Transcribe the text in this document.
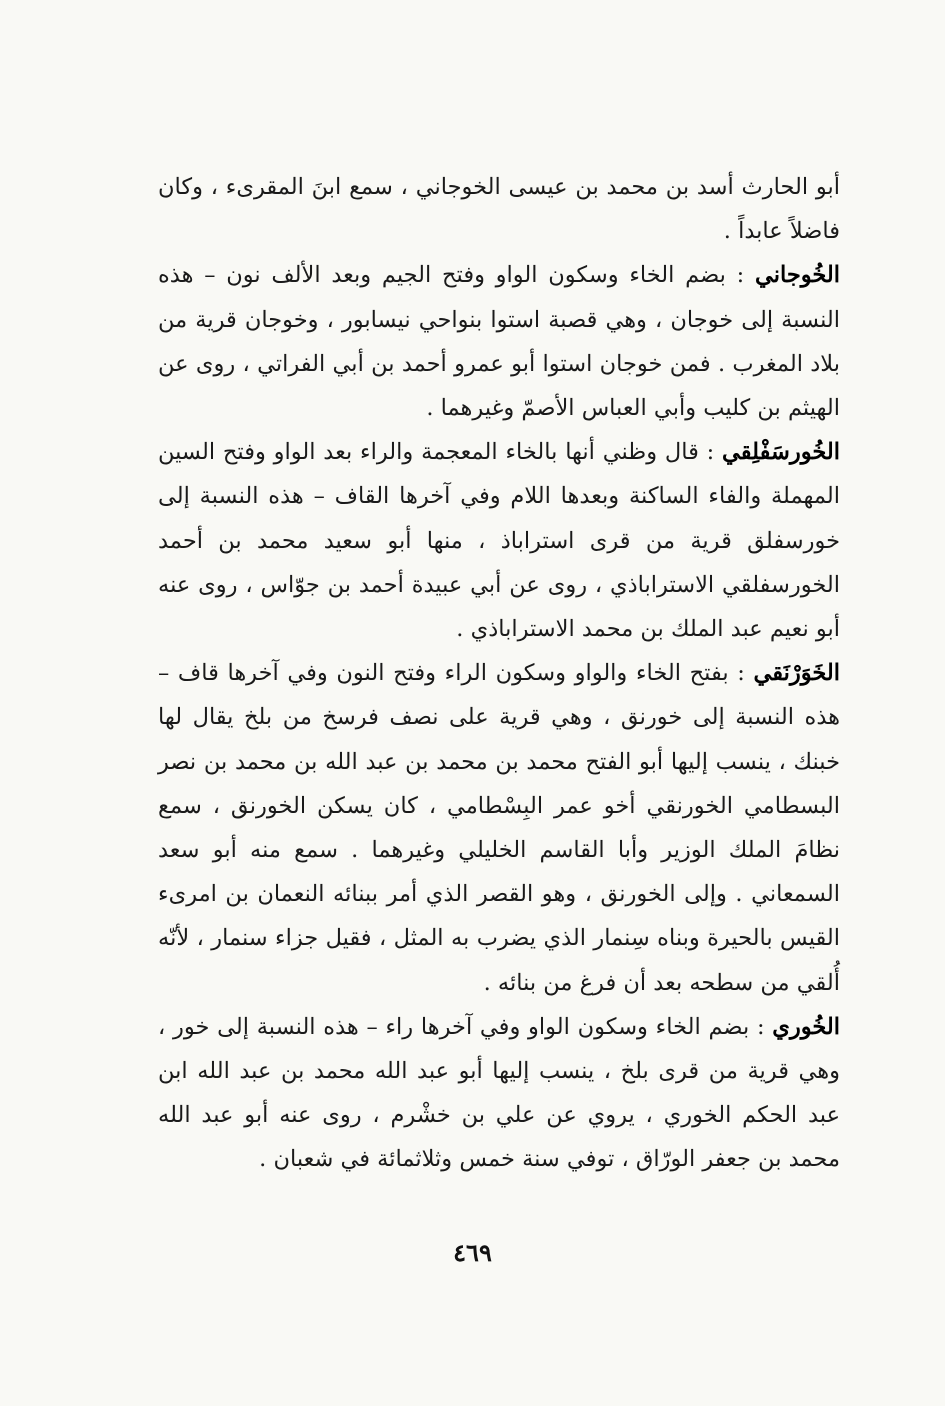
أبو الحارث أسد بن محمد بن عيسى الخوجاني ، سمع ابنَ المقرىء ، وكان فاضلاً عابداً .

الخُوجاني : بضم الخاء وسكون الواو وفتح الجيم وبعد الألف نون – هذه النسبة إلى خوجان ، وهي قصبة استوا بنواحي نيسابور ، وخوجان قرية من بلاد المغرب . فمن خوجان استوا أبو عمرو أحمد بن أبي الفراتي ، روى عن الهيثم بن كليب وأبي العباس الأصمّ وغيرهما .

الخُورسَفْلِقي : قال وظني أنها بالخاء المعجمة والراء بعد الواو وفتح السين المهملة والفاء الساكنة وبعدها اللام وفي آخرها القاف – هذه النسبة إلى خورسفلق قرية من قرى استراباذ ، منها أبو سعيد محمد بن أحمد الخورسفلقي الاستراباذي ، روى عن أبي عبيدة أحمد بن جوّاس ، روى عنه أبو نعيم عبد الملك بن محمد الاستراباذي .

الخَوَرْنَقي : بفتح الخاء والواو وسكون الراء وفتح النون وفي آخرها قاف – هذه النسبة إلى خورنق ، وهي قرية على نصف فرسخ من بلخ يقال لها خبنك ، ينسب إليها أبو الفتح محمد بن محمد بن عبد الله بن محمد بن نصر البسطامي الخورنقي أخو عمر البِسْطامي ، كان يسكن الخورنق ، سمع نظامَ الملك الوزير وأبا القاسم الخليلي وغيرهما . سمع منه أبو سعد السمعاني . وإلى الخورنق ، وهو القصر الذي أمر ببنائه النعمان بن امرىء القيس بالحيرة وبناه سِنمار الذي يضرب به المثل ، فقيل جزاء سنمار ، لأنّه أُلقي من سطحه بعد أن فرغ من بنائه .

الخُوري : بضم الخاء وسكون الواو وفي آخرها راء – هذه النسبة إلى خور ، وهي قرية من قرى بلخ ، ينسب إليها أبو عبد الله محمد بن عبد الله ابن عبد الحكم الخوري ، يروي عن علي بن خشْرم ، روى عنه أبو عبد الله محمد بن جعفر الورّاق ، توفي سنة خمس وثلاثمائة في شعبان .

٤٦٩
